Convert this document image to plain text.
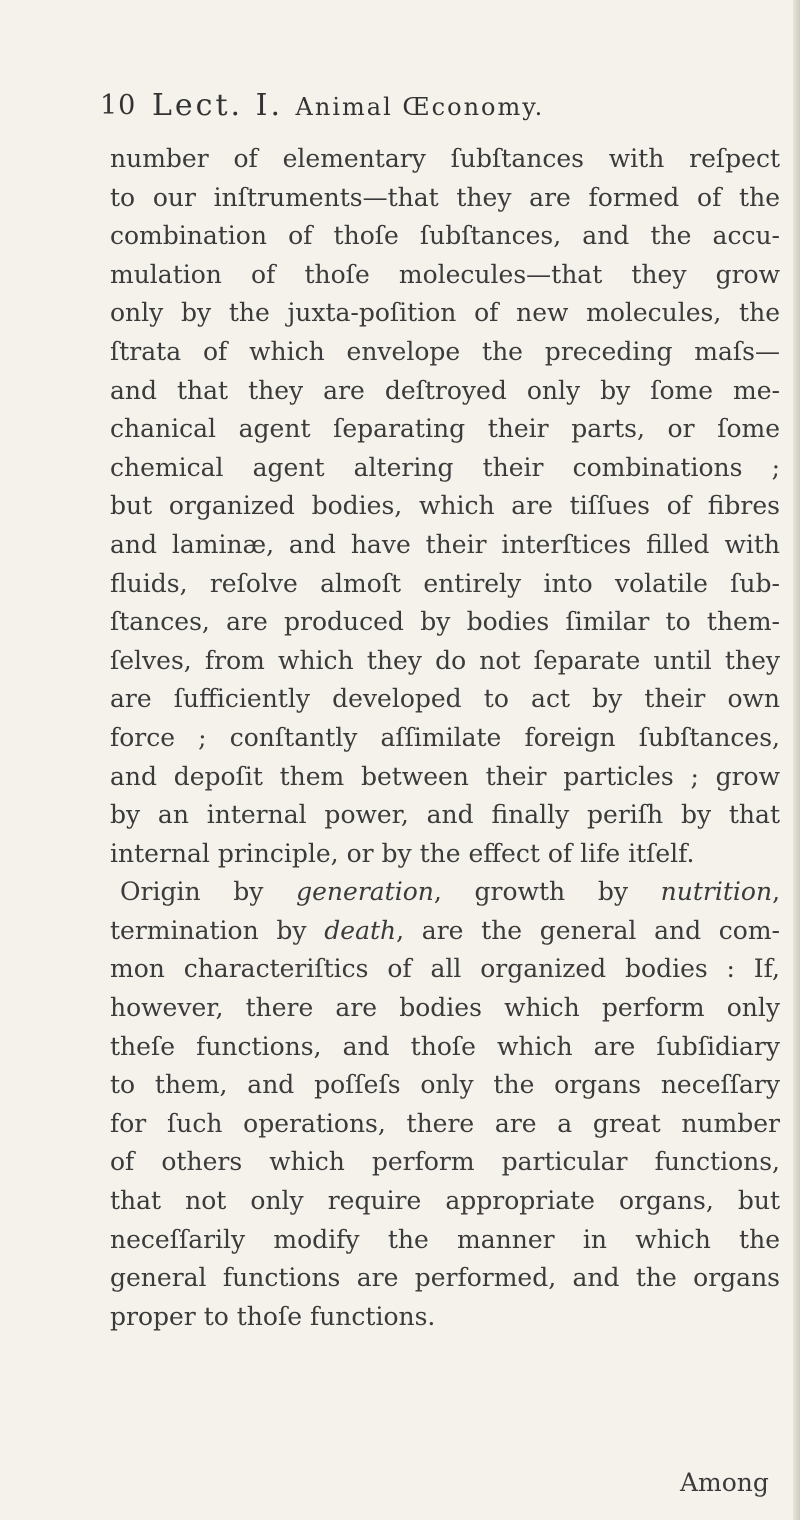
10 Lect. I. Animal Œconomy.
number of elementary ſubſtances with reſpect
to our inſtruments—that they are formed of the
combination of thoſe ſubſtances, and the accu-
mulation of thoſe molecules—that they grow
only by the juxta-poſition of new molecules, the
ſtrata of which envelope the preceding maſs—
and that they are deſtroyed only by ſome me-
chanical agent ſeparating their parts, or ſome
chemical agent altering their combinations ;
but organized bodies, which are tiſſues of fibres
and laminæ, and have their interſtices filled with
fluids, reſolve almoſt entirely into volatile ſub-
ſtances, are produced by bodies ſimilar to them-
ſelves, from which they do not ſeparate until they
are ſufficiently developed to act by their own
force ; conſtantly aſſimilate foreign ſubſtances,
and depoſit them between their particles ; grow
by an internal power, and finally periſh by that
internal principle, or by the effect of life itſelf.
Origin by generation, growth by nutrition,
termination by death, are the general and com-
mon characteriſtics of all organized bodies : If,
however, there are bodies which perform only
theſe functions, and thoſe which are ſubſidiary
to them, and poſſeſs only the organs neceſſary
for ſuch operations, there are a great number
of others which perform particular functions,
that not only require appropriate organs, but
neceſſarily modify the manner in which the
general functions are performed, and the organs
proper to thoſe functions.
Among
